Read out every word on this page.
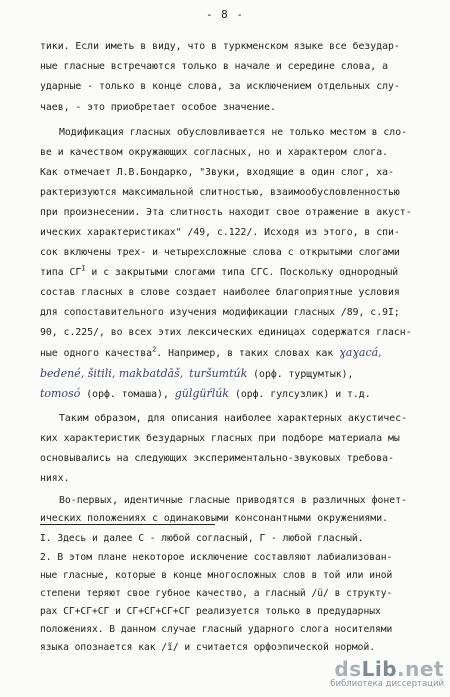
- 8 -
тики. Если иметь в виду, что в туркменском языке все безудар-
ные гласные встречаются только в начале и середине слова, а
ударные - только в конце слова, за исключением отдельных слу-
чаев, - это приобретает особое значение.
Модификация гласных обусловливается не только местом в сло-
ве и качеством окружающих согласных, но и характером слога.
Как отмечает Л.В.Бондарко, "Звуки, входящие в один слог, ха-
рактеризуются максимальной слитностью, взаимообусловленностью
при произнесении. Эта слитность находит свое отражение в акуст-
ических характеристиках" /49, с.122/. Исходя из этого, в спи-
сок включены трех- и четырехсложные слова с открытыми слогами
типа $СГ^I$ и с закрытыми слогами типа СГС. Поскольку однородный
состав гласных в слове создает наиболее благоприятные условия
для сопоставительного изучения модификации гласных /89, с.9I;
90, с.225/, во всех этих лексических единицах содержатся гласн-
ные одного качества$^2$. Например, в таких словах как ɣaɣacá,
bedené, šitili, makbatdāš, turšumtúk (орф. турщумтык),
tomosó (орф. томаша), gülgüŕlúk (орф. гулсузлик) и т.д.
Таким образом, для описания наиболее характерных акустичес-
ких характеристик безударных гласных при подборе материала мы
основывались на следующих экспериментально-звуковых требова-
ниях.
Во-первых, идентичные гласные приводятся в различных фонет-
ических положениях с одинаковыми консонантными окружениями.
I. Здесь и далее С - любой согласный, Г - любой гласный.
2. В этом плане некоторое исключение составляют лабиализован-
ные гласные, которые в конце многосложных слов в той или иной
степени теряют свое губное качество, а гласный /ü/ в структу-
рах СГ+СГ+СГ и СГ+СГ+СГ+СГ реализуется только в предударных
положениях. В данном случае гласный ударного слога носителями
языка опознается как /ĩ/ и считается орфоэпической нормой.
dsLib.net
библиотека диссертаций
